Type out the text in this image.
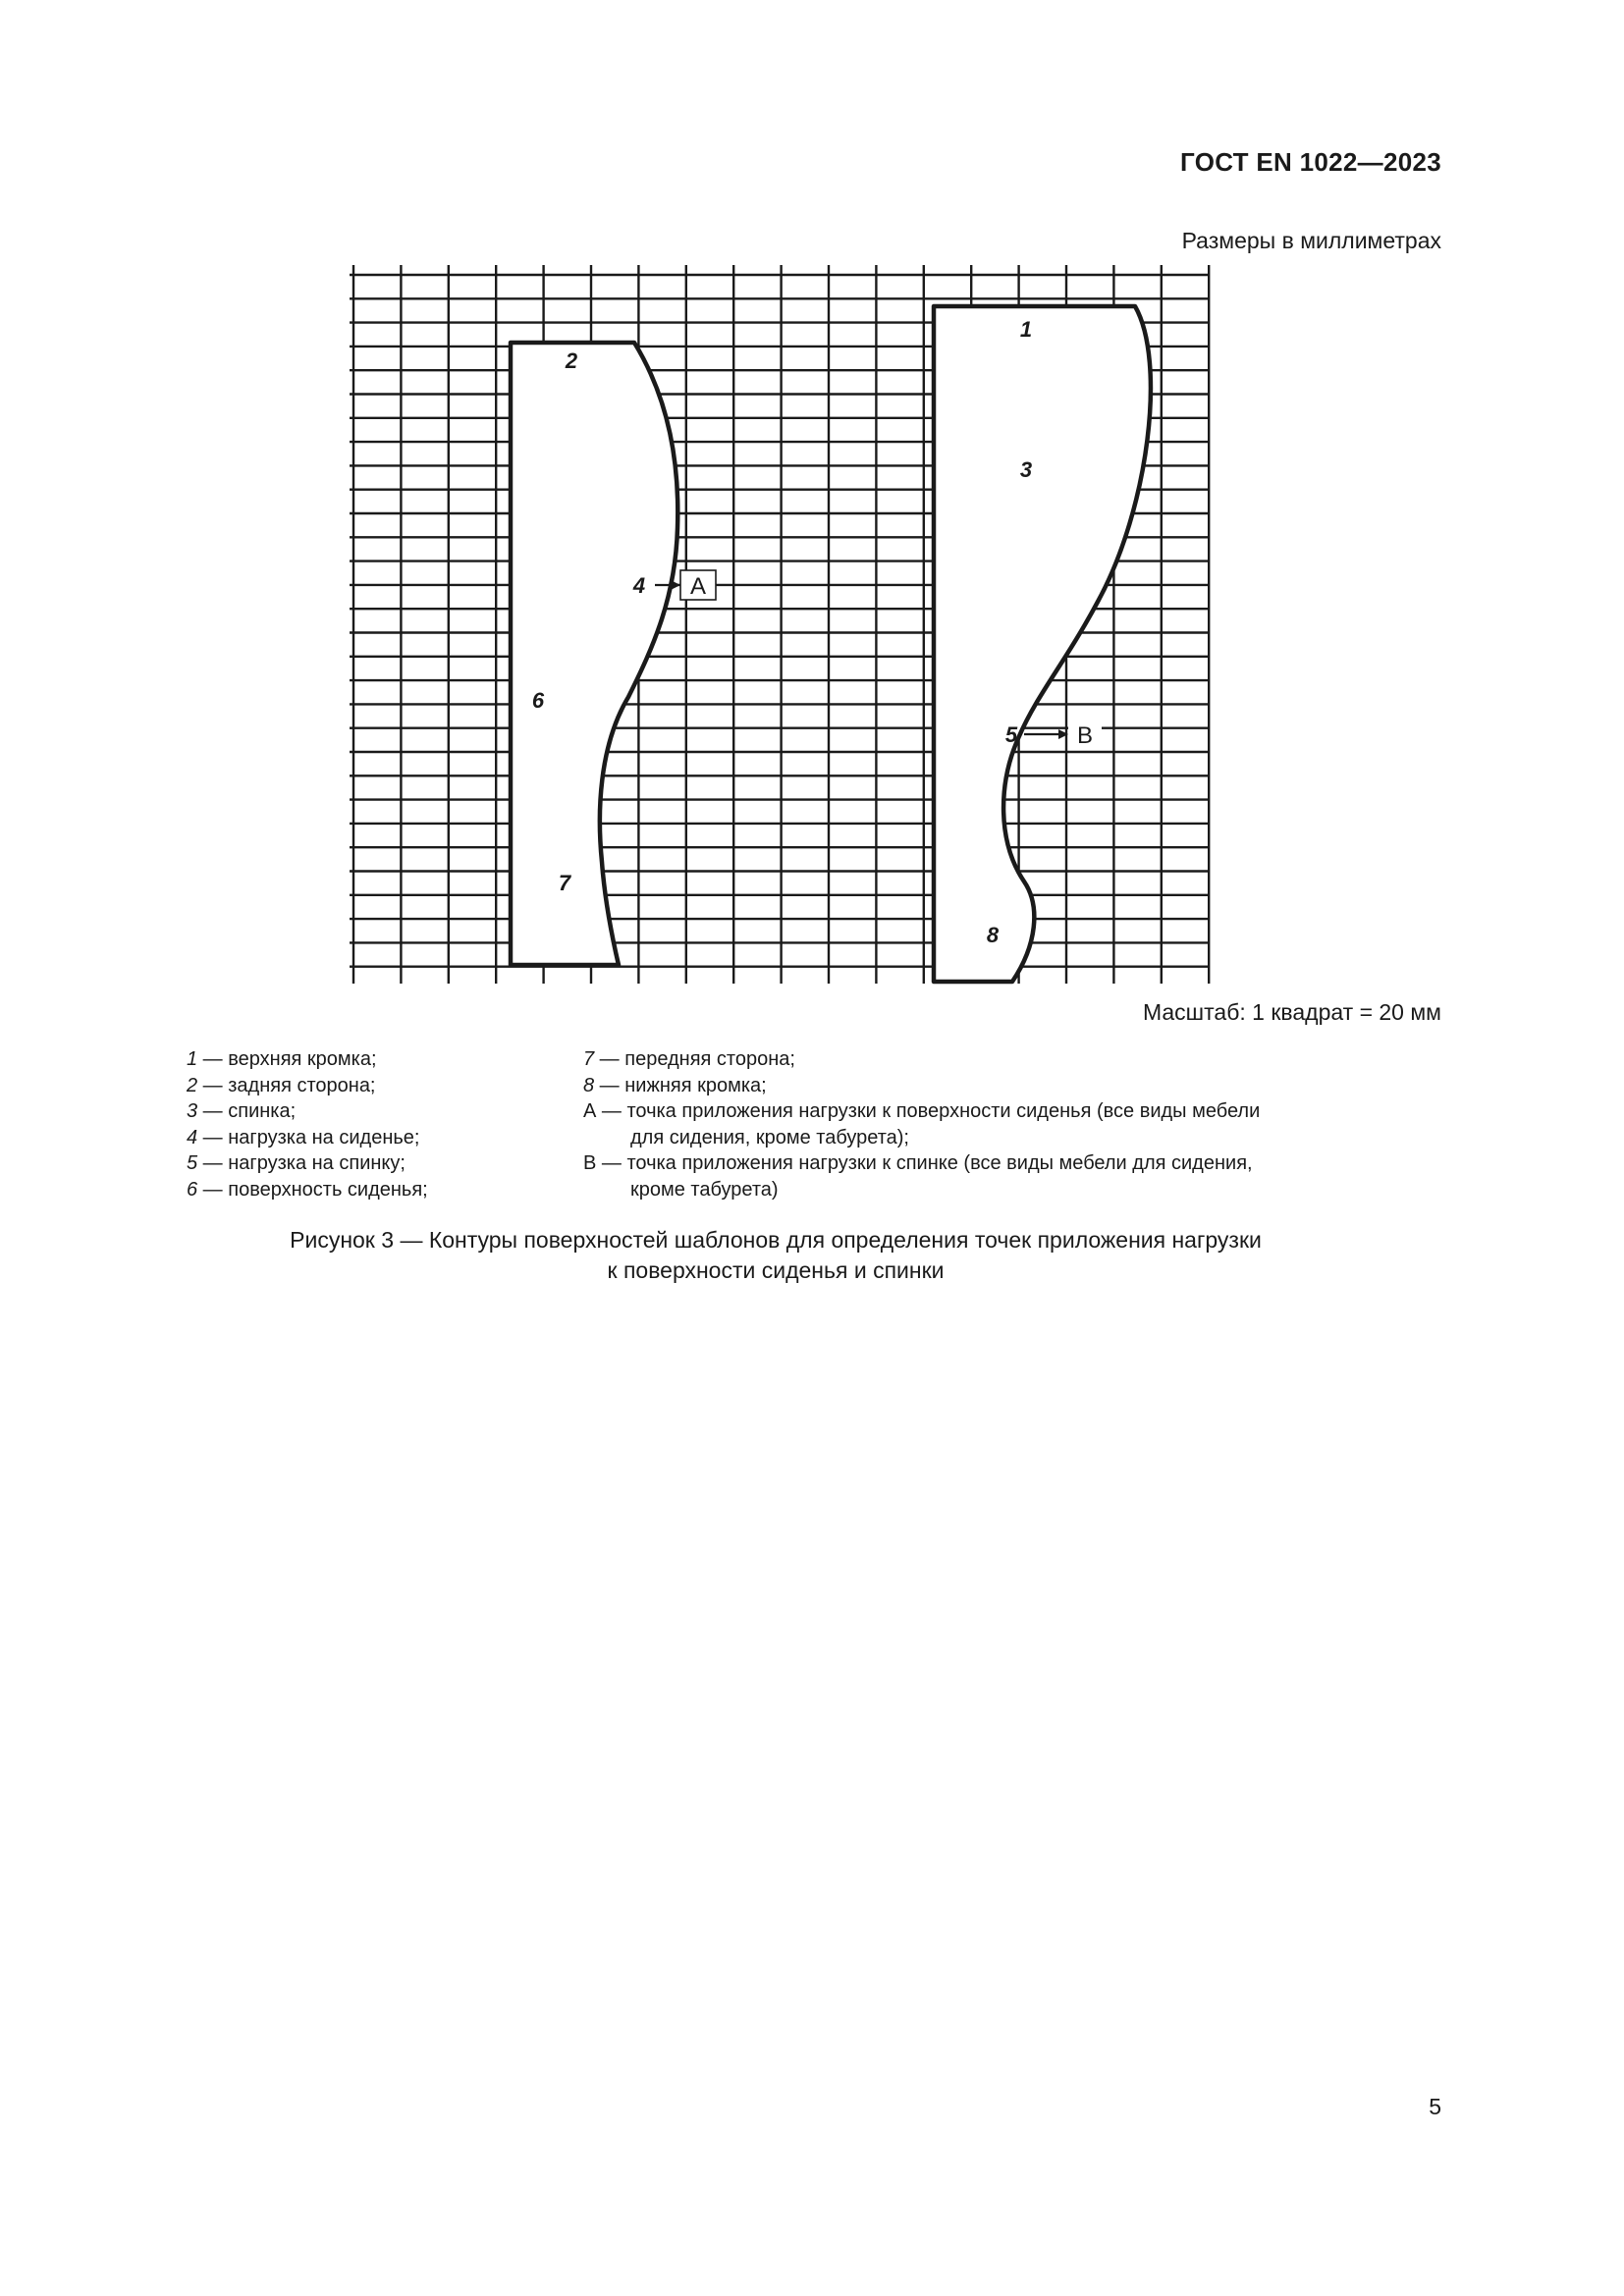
ГОСТ EN 1022—2023
Размеры в миллиметрах
A
4
B
5
2
6
7
1
3
8
Масштаб: 1 квадрат = 20 мм
1 — верхняя кромка;
2 — задняя сторона;
3 — спинка;
4 — нагрузка на сиденье;
5 — нагрузка на спинку;
6 — поверхность сиденья;
7 — передняя сторона;
8 — нижняя кромка;
А — точка приложения нагрузки к поверхности сиденья (все виды мебели
для сидения, кроме табурета);
В — точка приложения нагрузки к спинке (все виды мебели для сидения,
кроме табурета)
Рисунок 3 — Контуры поверхностей шаблонов для определения точек приложения нагрузки
к поверхности сиденья и спинки
5
